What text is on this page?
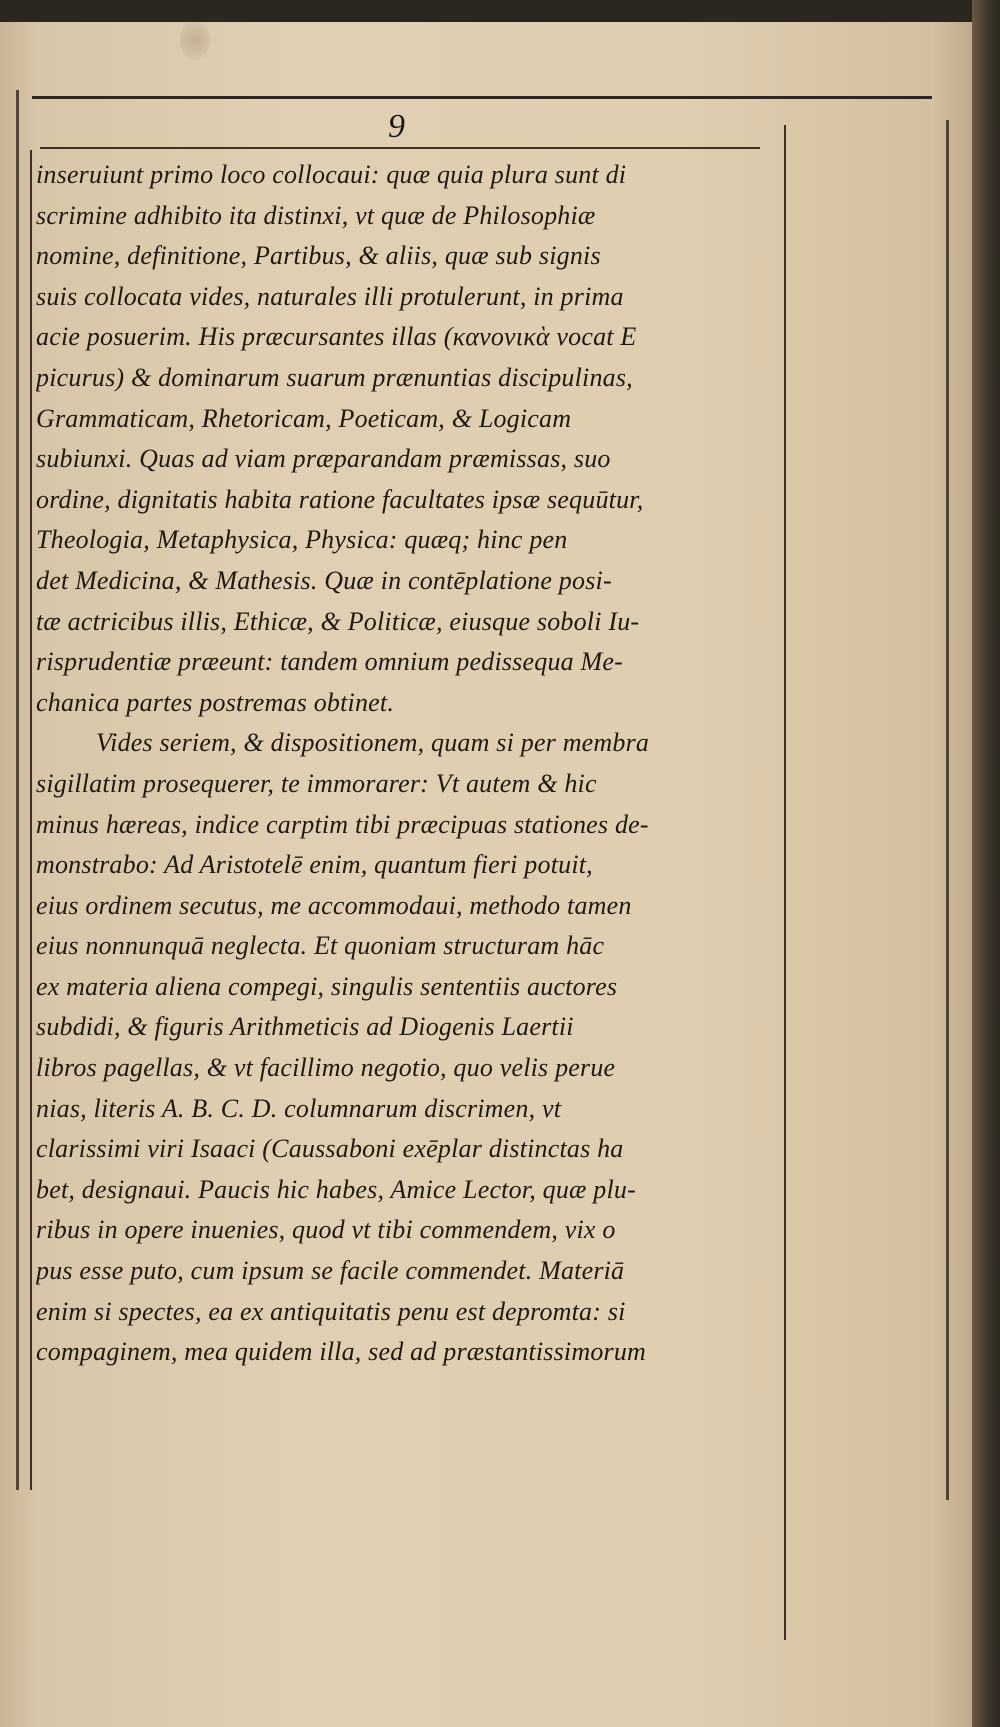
9
inseruiunt primo loco collocaui: quæ quia plura sunt di
scrimine adhibito ita distinxi, vt quæ de Philosophiæ
nomine, definitione, Partibus, & aliis, quæ sub signis
suis collocata vides, naturales illi protulerunt, in prima
acie posuerim. His præcursantes illas (κανονικὰ vocat E
picurus) & dominarum suarum prænuntias discipulinas,
Grammaticam, Rhetoricam, Poeticam, & Logicam
subiunxi. Quas ad viam præparandam præmissas, suo
ordine, dignitatis habita ratione facultates ipsæ sequūtur,
Theologia, Metaphysica, Physica: quæq; hinc pen
det Medicina, & Mathesis. Quæ in contēplatione posi-
tæ actricibus illis, Ethicæ, & Politicæ, eiusque soboli Iu-
risprudentiæ præeunt: tandem omnium pedissequa Me-
chanica partes postremas obtinet.
Vides seriem, & dispositionem, quam si per membra
sigillatim prosequerer, te immorarer: Vt autem & hic
minus hæreas, indice carptim tibi præcipuas stationes de-
monstrabo: Ad Aristotelē enim, quantum fieri potuit,
eius ordinem secutus, me accommodaui, methodo tamen
eius nonnunquā neglecta. Et quoniam structuram hāc
ex materia aliena compegi, singulis sententiis auctores
subdidi, & figuris Arithmeticis ad Diogenis Laertii
libros pagellas, & vt facillimo negotio, quo velis perue
nias, literis A. B. C. D. columnarum discrimen, vt
clarissimi viri Isaaci (Caussaboni exēplar distinctas ha
bet, designaui. Paucis hic habes, Amice Lector, quæ plu-
ribus in opere inuenies, quod vt tibi commendem, vix o
pus esse puto, cum ipsum se facile commendet. Materiā
enim si spectes, ea ex antiquitatis penu est depromta: si
compaginem, mea quidem illa, sed ad præstantissimorum
